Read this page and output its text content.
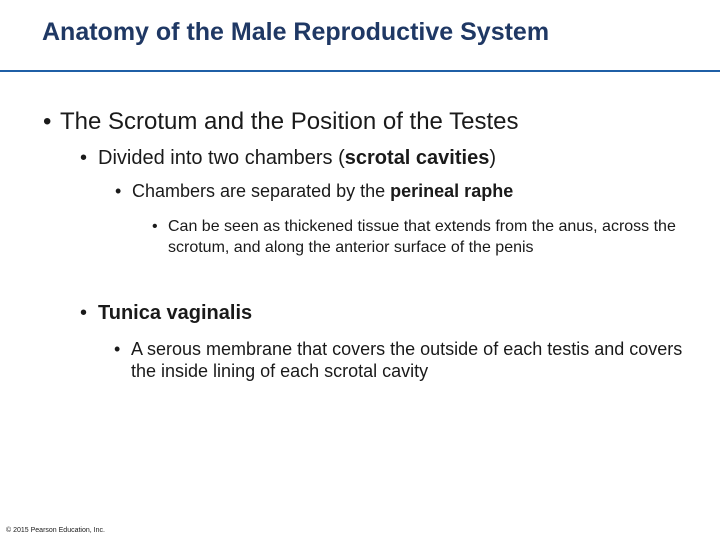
Anatomy of the Male Reproductive System
• The Scrotum and the Position of the Testes
• Divided into two chambers (scrotal cavities)
• Chambers are separated by the perineal raphe
• Can be seen as thickened tissue that extends from the anus, across the scrotum, and along the anterior surface of the penis
• Tunica vaginalis
• A serous membrane that covers the outside of each testis and covers the inside lining of each scrotal cavity
© 2015 Pearson Education, Inc.
